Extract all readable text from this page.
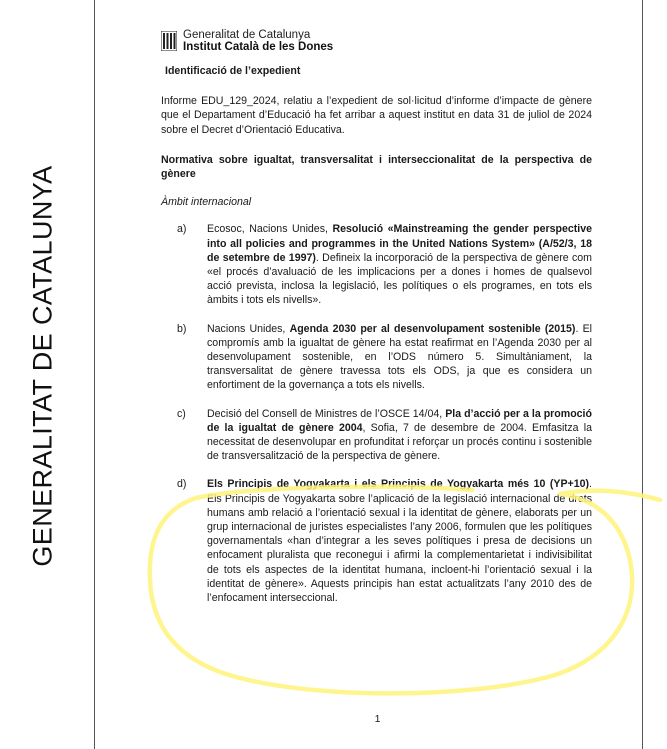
GENERALITAT DE CATALUNYA
Generalitat de Catalunya
Institut Català de les Dones
Identificació de l’expedient
Informe EDU_129_2024, relatiu a l’expedient de sol·licitud d’informe d’impacte de gènere que el Departament d’Educació ha fet arribar a aquest institut en data 31 de juliol de 2024 sobre el Decret d’Orientació Educativa.
Normativa sobre igualtat, transversalitat i interseccionalitat de la perspectiva de gènere
Àmbit internacional
a)	Ecosoc, Nacions Unides, Resolució «Mainstreaming the gender perspective into all policies and programmes in the United Nations System» (A/52/3, 18 de setembre de 1997). Defineix la incorporació de la perspectiva de gènere com «el procés d’avaluació de les implicacions per a dones i homes de qualsevol acció prevista, inclosa la legislació, les polítiques o els programes, en tots els àmbits i tots els nivells».
b)	Nacions Unides, Agenda 2030 per al desenvolupament sostenible (2015). El compromís amb la igualtat de gènere ha estat reafirmat en l’Agenda 2030 per al desenvolupament sostenible, en l’ODS número 5. Simultàniament, la transversalitat de gènere travessa tots els ODS, ja que es considera un enfortiment de la governança a tots els nivells.
c)	Decisió del Consell de Ministres de l’OSCE 14/04, Pla d’acció per a la promoció de la igualtat de gènere 2004, Sofia, 7 de desembre de 2004. Emfasitza la necessitat de desenvolupar en profunditat i reforçar un procés continu i sostenible de transversalització de la perspectiva de gènere.
d)	Els Principis de Yogyakarta i els Principis de Yogyakarta més 10 (YP+10). Els Principis de Yogyakarta sobre l’aplicació de la legislació internacional de drets humans amb relació a l’orientació sexual i la identitat de gènere, elaborats per un grup internacional de juristes especialistes l’any 2006, formulen que les polítiques governamentals «han d’integrar a les seves polítiques i presa de decisions un enfocament pluralista que reconegui i afirmi la complementarietat i indivisibilitat de tots els aspectes de la identitat humana, incloent-hi l’orientació sexual i la identitat de gènere». Aquests principis han estat actualitzats l’any 2010 des de l’enfocament interseccional.
1
